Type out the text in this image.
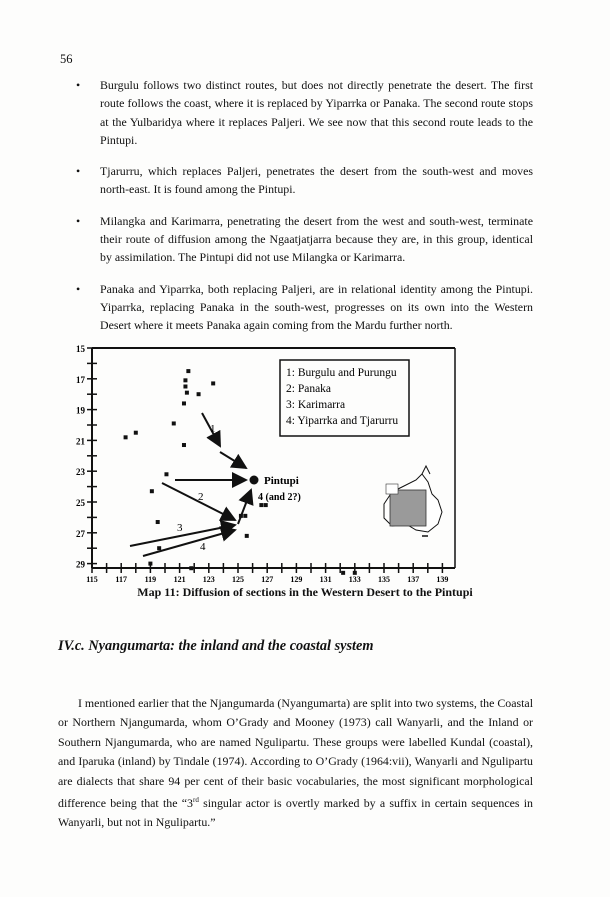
56
•	Burgulu follows two distinct routes, but does not directly penetrate the desert. The first route follows the coast, where it is replaced by Yiparrka or Panaka. The second route stops at the Yulbaridya where it replaces Paljeri. We see now that this second route leads to the Pintupi.
•	Tjarurru, which replaces Paljeri, penetrates the desert from the south-west and moves north-east. It is found among the Pintupi.
•	Milangka and Karimarra, penetrating the desert from the west and south-west, terminate their route of diffusion among the Ngaatjatjarra because they are, in this group, identical by assimilation. The Pintupi did not use Milangka or Karimarra.
•	Panaka and Yiparrka, both replacing Paljeri, are in relational identity among the Pintupi. Yiparrka, replacing Panaka in the south-west, progresses on its own into the Western Desert where it meets Panaka again coming from the Mardu further north.
15
17
19
21
23
25
27
29
115 117 119 121 123 125 127 129 131 133 135 137 139
1
2
3
4
4 (and 2?)
Pintupi
1: Burgulu and Purungu
2: Panaka
3: Karimarra
4: Yiparrka and Tjarurru
Map 11: Diffusion of sections in the Western Desert to the Pintupi
IV.c. Nyangumarta: the inland and the coastal system

I mentioned earlier that the Njangumarda (Nyangumarta) are split into two systems, the Coastal or Northern Njangumarda, whom O’Grady and Mooney (1973) call Wanyarli, and the Inland or Southern Njangumarda, who are named Ngulipartu. These groups were labelled Kundal (coastal), and Iparuka (inland) by Tindale (1974). According to O’Grady (1964:vii), Wanyarli and Ngulipartu are dialects that share 94 per cent of their basic vocabularies, the most significant morphological difference being that the “3rd singular actor is overtly marked by a suffix in certain sequences in Wanyarli, but not in Ngulipartu.”
